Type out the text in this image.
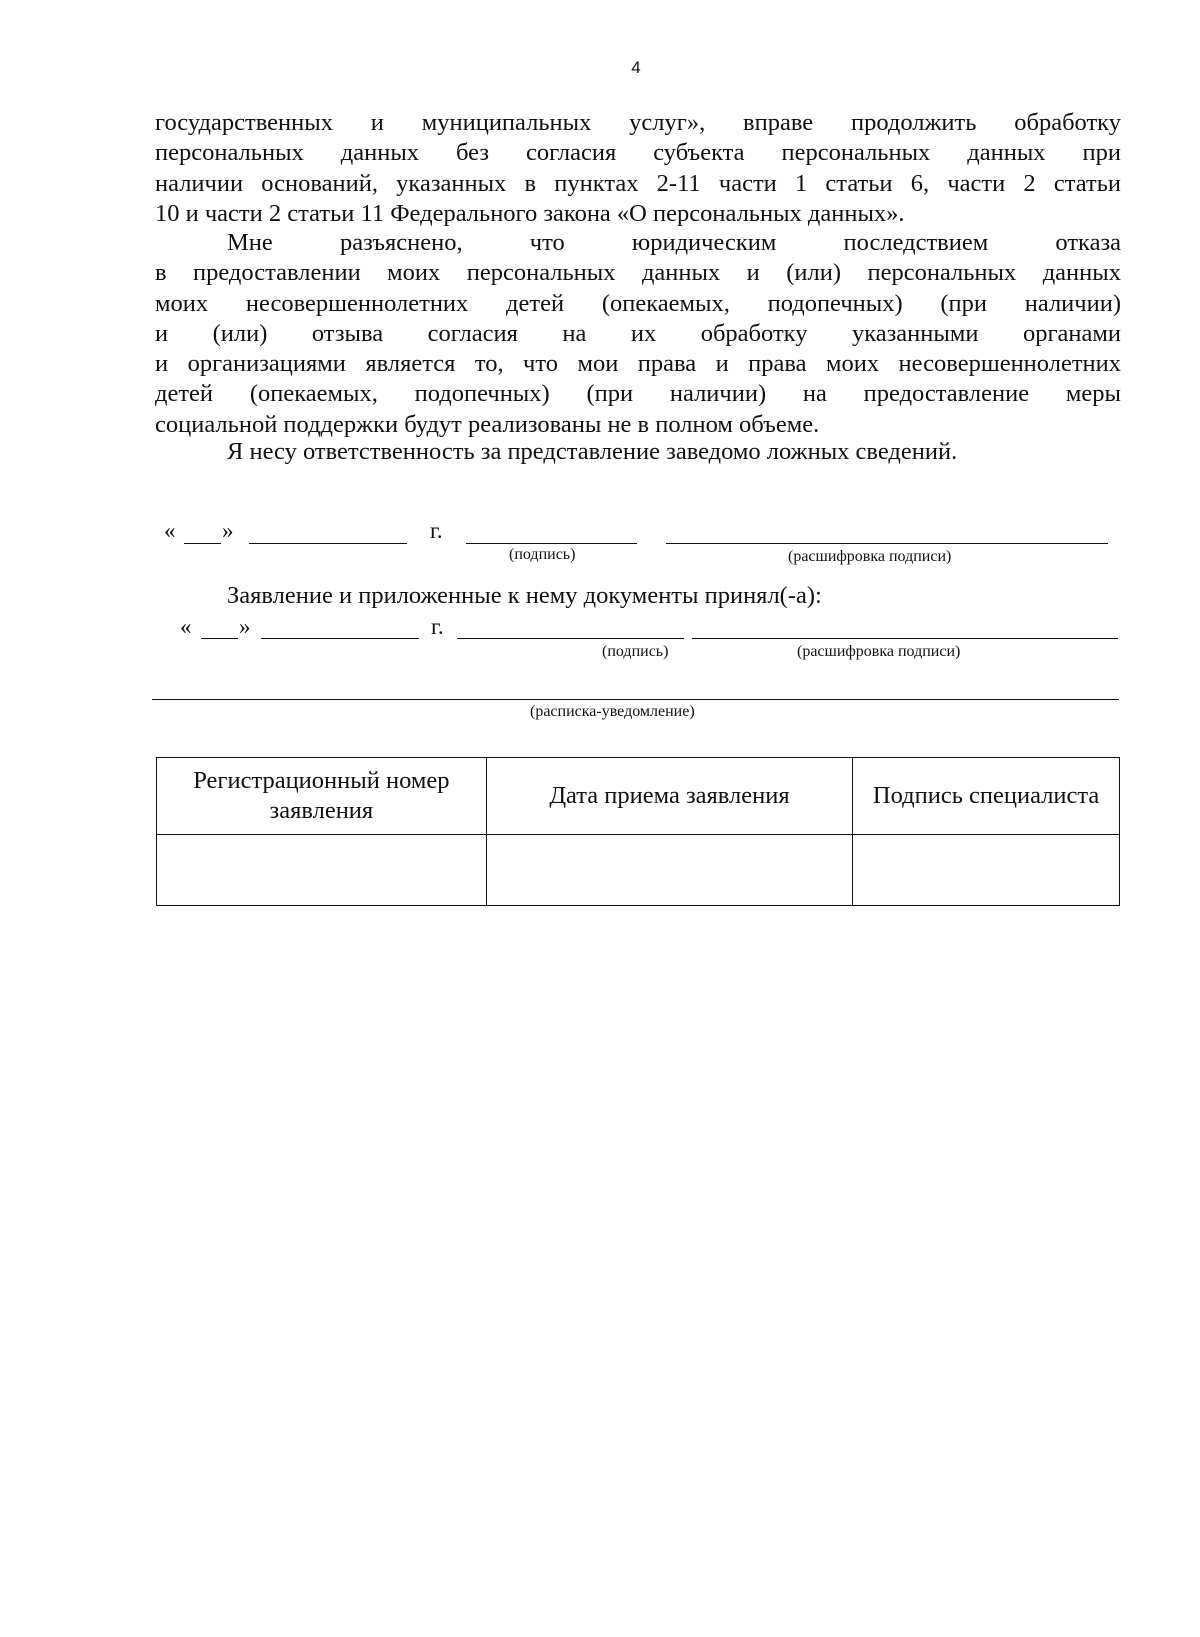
4

государственных и муниципальных услуг», вправе продолжить обработку

персональных данных без согласия субъекта персональных данных при

наличии оснований, указанных в пунктах 2-11 части 1 статьи 6, части 2 статьи

10 и части 2 статьи 11 Федерального закона «О персональных данных».

Мне разъяснено, что юридическим последствием отказа

в предоставлении моих персональных данных и (или) персональных данных

моих несовершеннолетних детей (опекаемых, подопечных) (при наличии)

и (или) отзыва согласия на их обработку указанными органами

и организациями является то, что мои права и права моих несовершеннолетних

детей (опекаемых, подопечных) (при наличии) на предоставление меры

социальной поддержки будут реализованы не в полном объеме.

Я несу ответственность за представление заведомо ложных сведений.

« »	г.
(подпись)	(расшифровка подписи)
Заявление и приложенные к нему документы принял(-а):
« »	г.
(подпись)	(расшифровка подписи)
(расписка-уведомление)
Регистрационный номер заявления	Дата приема заявления	Подпись специалиста
